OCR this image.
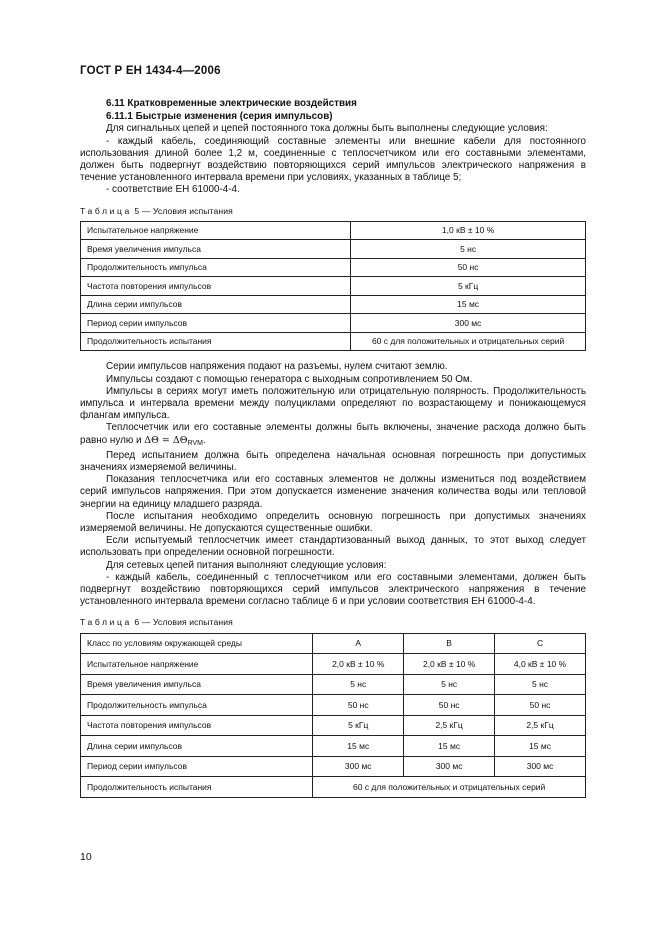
ГОСТ Р ЕН 1434-4—2006

6.11 Кратковременные электрические воздействия

6.11.1 Быстрые изменения (серия импульсов)

Для сигнальных цепей и цепей постоянного тока должны быть выполнены следующие условия:

- каждый кабель, соединяющий составные элементы или внешние кабели для постоянного использования длиной более 1,2 м, соединенные с теплосчетчиком или его составными элементами, должен быть подвергнут воздействию повторяющихся серий импульсов электрического напряжения в течение установленного интервала времени при условиях, указанных в таблице 5;

- соответствие ЕН 61000-4-4.

Таблица 5 — Условия испытания
Испытательное напряжение	1,0 кВ ± 10 %
Время увеличения импульса	5 нс
Продолжительность импульса	50 нс
Частота повторения импульсов	5 кГц
Длина серии импульсов	15 мс
Период серии импульсов	300 мс
Продолжительность испытания	60 с для положительных и отрицательных серий

Серии импульсов напряжения подают на разъемы, нулем считают землю.

Импульсы создают с помощью генератора с выходным сопротивлением 50 Ом.

Импульсы в сериях могут иметь положительную или отрицательную полярность. Продолжительность импульса и интервала времени между полуциклами определяют по возрастающему и понижающемуся флангам импульса.

Теплосчетчик или его составные элементы должны быть включены, значение расхода должно быть равно нулю и $\Delta\Theta = \Delta\Theta_{RVM}$.

Перед испытанием должна быть определена начальная основная погрешность при допустимых значениях измеряемой величины.

Показания теплосчетчика или его составных элементов не должны измениться под воздействием серий импульсов напряжения. При этом допускается изменение значения количества воды или тепловой энергии на единицу младшего разряда.

После испытания необходимо определить основную погрешность при допустимых значениях измеряемой величины. Не допускаются существенные ошибки.

Если испытуемый теплосчетчик имеет стандартизованный выход данных, то этот выход следует использовать при определении основной погрешности.

Для сетевых цепей питания выполняют следующие условия:

- каждый кабель, соединенный с теплосчетчиком или его составными элементами, должен быть подвергнут воздействию повторяющихся серий импульсов электрического напряжения в течение установленного интервала времени согласно таблице 6 и при условии соответствия ЕН 61000-4-4.

Таблица 6 — Условия испытания
Класс по условиям окружающей среды	A	B	C
Испытательное напряжение	2,0 кВ ± 10 %	2,0 кВ ± 10 %	4,0 кВ ± 10 %
Время увеличения импульса	5 нс	5 нс	5 нс
Продолжительность импульса	50 нс	50 нс	50 нс
Частота повторения импульсов	5 кГц	2,5 кГц	2,5 кГц
Длина серии импульсов	15 мс	15 мс	15 мс
Период серии импульсов	300 мс	300 мс	300 мс
Продолжительность испытания	60 с для положительных и отрицательных серий		
10
